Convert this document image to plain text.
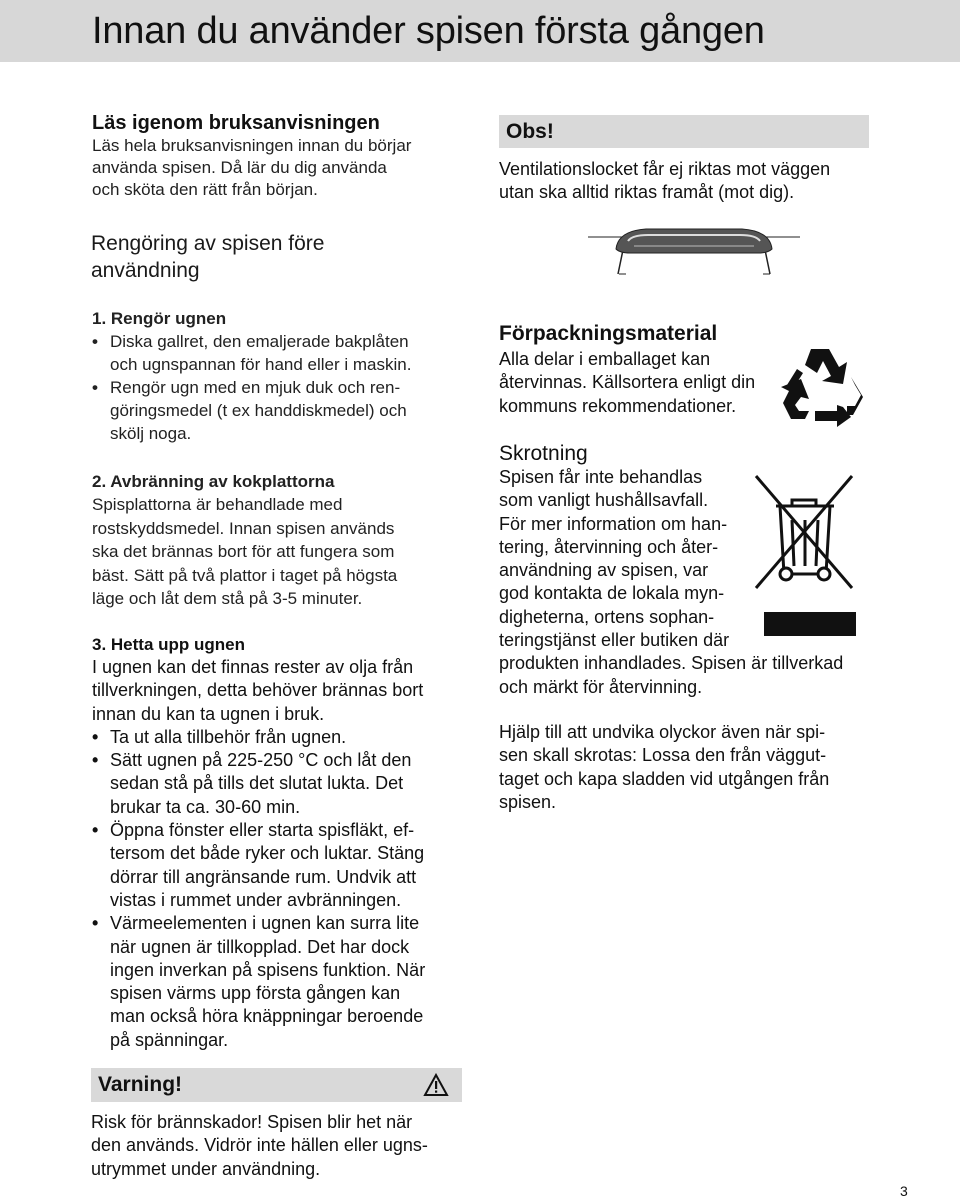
Innan du använder spisen första gången
Läs igenom bruksanvisningen
Läs hela bruksanvisningen innan du börjar
använda spisen. Då lär du dig använda
och sköta den rätt från början.
Rengöring av spisen före
användning
1. Rengör ugnen
• Diska gallret, den emaljerade bakplåten
och ugnspannan för hand eller i maskin.
• Rengör ugn med en mjuk duk och ren-
göringsmedel (t ex handdiskmedel) och
skölj noga.
2. Avbränning av kokplattorna
Spisplattorna är behandlade med
rostskyddsmedel. Innan spisen används
ska det brännas bort för att fungera som
bäst. Sätt på två plattor i taget på högsta
läge och låt dem stå på 3-5 minuter.
3. Hetta upp ugnen
I ugnen kan det finnas rester av olja från
tillverkningen, detta behöver brännas bort
innan du kan ta ugnen i bruk.
• Ta ut alla tillbehör från ugnen.
• Sätt ugnen på 225-250 °C och låt den
sedan stå på tills det slutat lukta. Det
brukar ta ca. 30-60 min.
• Öppna fönster eller starta spisfläkt, ef-
tersom det både ryker och luktar. Stäng
dörrar till angränsande rum. Undvik att
vistas i rummet under avbränningen.
• Värmeelementen i ugnen kan surra lite
när ugnen är tillkopplad. Det har dock
ingen inverkan på spisens funktion. När
spisen värms upp första gången kan
man också höra knäppningar beroende
på spänningar.
Varning!
Risk för brännskador! Spisen blir het när
den används. Vidrör inte hällen eller ugns-
utrymmet under användning.
Obs!
Ventilationslocket får ej riktas mot väggen
utan ska alltid riktas framåt (mot dig).
Förpackningsmaterial
Alla delar i emballaget kan
återvinnas. Källsortera enligt din
kommuns rekommendationer.
Skrotning
Spisen får inte behandlas
som vanligt hushållsavfall.
För mer information om han-
tering, återvinning och åter-
användning av spisen, var
god kontakta de lokala myn-
digheterna, ortens sophan-
teringstjänst eller butiken där
produkten inhandlades. Spisen är tillverkad
och märkt för återvinning.
Hjälp till att undvika olyckor även när spi-
sen skall skrotas: Lossa den från väggut-
taget och kapa sladden vid utgången från
spisen.
3
